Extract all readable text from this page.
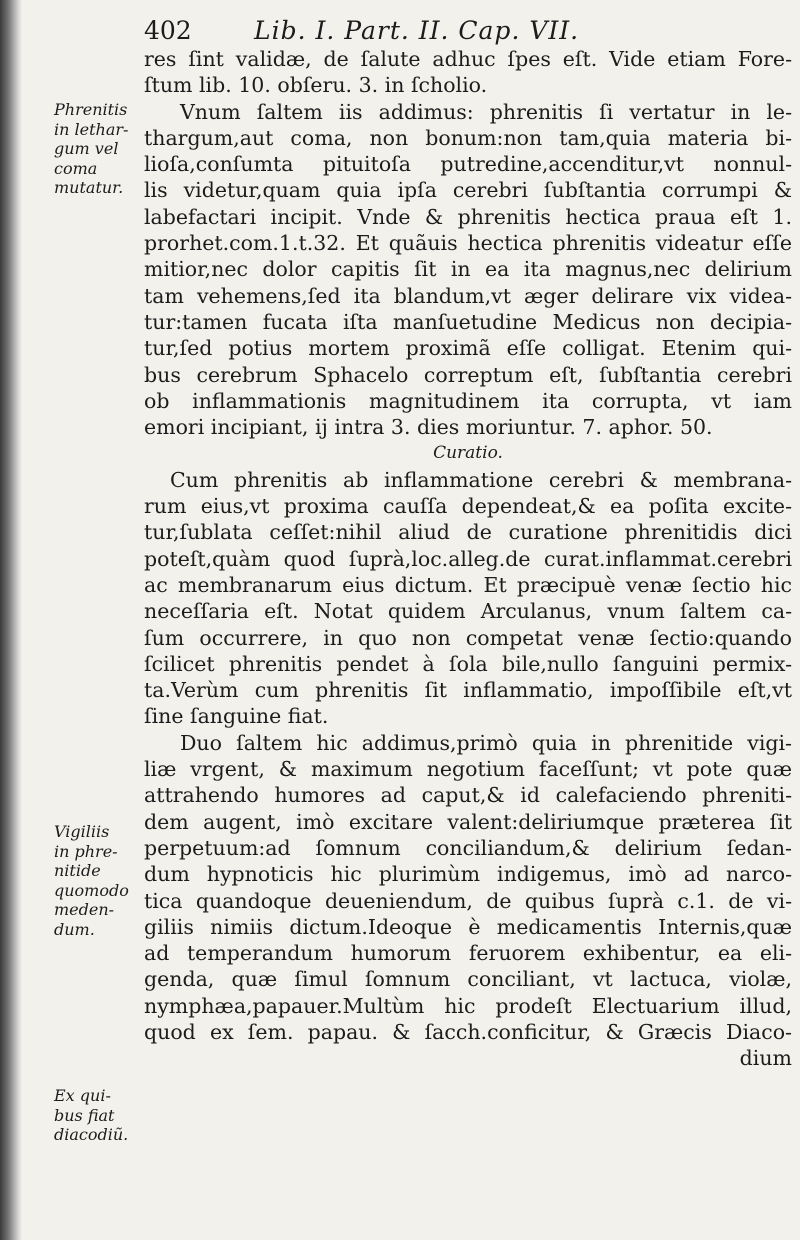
402 Lib. I. Part. II. Cap. VII.
Phrenitis
in lethar-
gum vel
coma
mutatur.
Vigiliis
in phre-
nitide
quomodo
meden-
dum.
Ex qui-
bus fiat
diacodiũ.
res ſint validæ, de ſalute adhuc ſpes eſt. Vide etiam Fore-
ſtum lib. 10. obſeru. 3. in ſcholio.
Vnum ſaltem iis addimus: phrenitis ſi vertatur in le-
thargum,aut coma, non bonum:non tam,quia materia bi-
lioſa,conſumta pituitoſa putredine,accenditur,vt nonnul-
lis videtur,quam quia ipſa cerebri ſubſtantia corrumpi &
labefactari incipit. Vnde & phrenitis hectica praua eſt 1.
prorhet.com.1.t.32. Et quãuis hectica phrenitis videatur eſſe
mitior,nec dolor capitis ſit in ea ita magnus,nec delirium
tam vehemens,ſed ita blandum,vt æger delirare vix videa-
tur:tamen fucata iſta manſuetudine Medicus non decipia-
tur,ſed potius mortem proximã eſſe colligat. Etenim qui-
bus cerebrum Sphacelo correptum eſt, ſubſtantia cerebri
ob inflammationis magnitudinem ita corrupta, vt iam
emori incipiant, ij intra 3. dies moriuntur. 7. aphor. 50.
Curatio.
Cum phrenitis ab inflammatione cerebri & membrana-
rum eius,vt proxima cauſſa dependeat,& ea poſita excite-
tur,ſublata ceſſet:nihil aliud de curatione phrenitidis dici
poteſt,quàm quod ſuprà,loc.alleg.de curat.inflammat.cerebri
ac membranarum eius dictum. Et præcipuè venæ ſectio hic
neceſſaria eſt. Notat quidem Arculanus, vnum ſaltem ca-
ſum occurrere, in quo non competat venæ ſectio:quando
ſcilicet phrenitis pendet à ſola bile,nullo ſanguini permix-
ta.Verùm cum phrenitis ſit inflammatio, impoſſibile eſt,vt
ſine ſanguine fiat.
Duo ſaltem hic addimus,primò quia in phrenitide vigi-
liæ vrgent, & maximum negotium faceſſunt; vt pote quæ
attrahendo humores ad caput,& id calefaciendo phreniti-
dem augent, imò excitare valent:deliriumque præterea ſit
perpetuum:ad ſomnum conciliandum,& delirium ſedan-
dum hypnoticis hic plurimùm indigemus, imò ad narco-
tica quandoque deueniendum, de quibus ſuprà c.1. de vi-
giliis nimiis dictum.Ideoque è medicamentis Internis,quæ
ad temperandum humorum feruorem exhibentur, ea eli-
genda, quæ ſimul ſomnum conciliant, vt lactuca, violæ,
nymphæa,papauer.Multùm hic prodeſt Electuarium illud,
quod ex ſem. papau. & ſacch.conficitur, & Græcis Diaco-
dium
